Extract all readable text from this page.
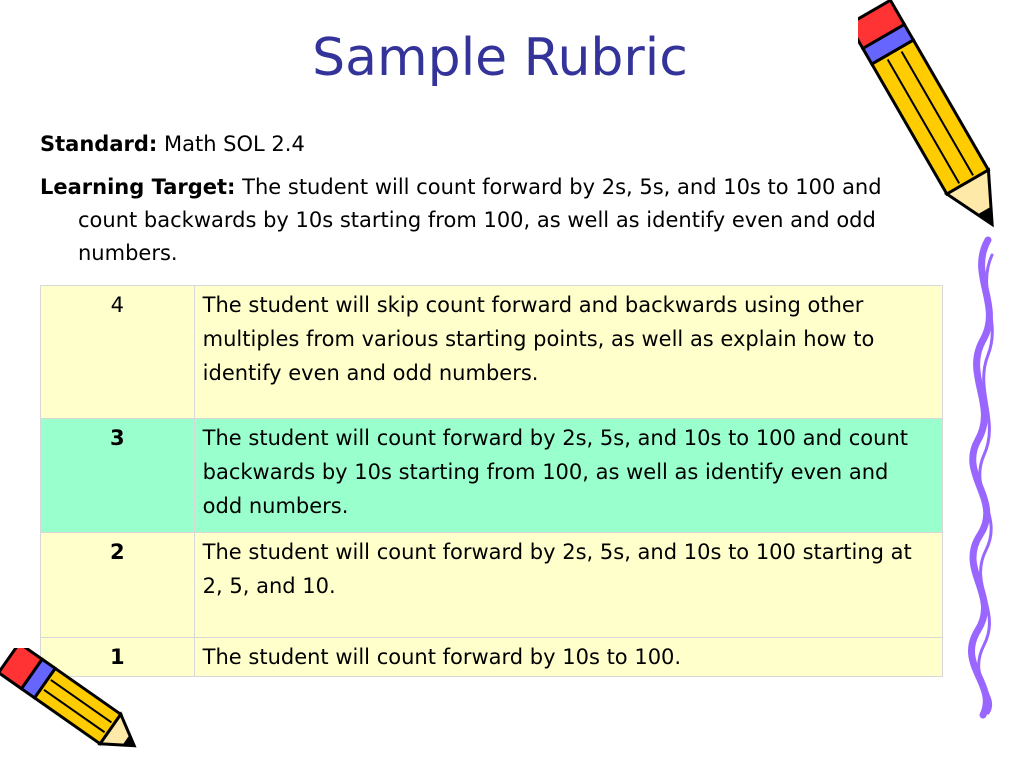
Sample Rubric
Standard: Math SOL 2.4
Learning Target: The student will count forward by 2s, 5s, and 10s to 100 and count backwards by 10s starting from 100, as well as identify even and odd numbers.
4	The student will skip count forward and backwards using other multiples from various starting points, as well as explain how to identify even and odd numbers.
3	The student will count forward by 2s, 5s, and 10s to 100 and count backwards by 10s starting from 100, as well as identify even and odd numbers.
2	The student will count forward by 2s, 5s, and 10s to 100 starting at 2, 5, and 10.
1	The student will count forward by 10s to 100.
